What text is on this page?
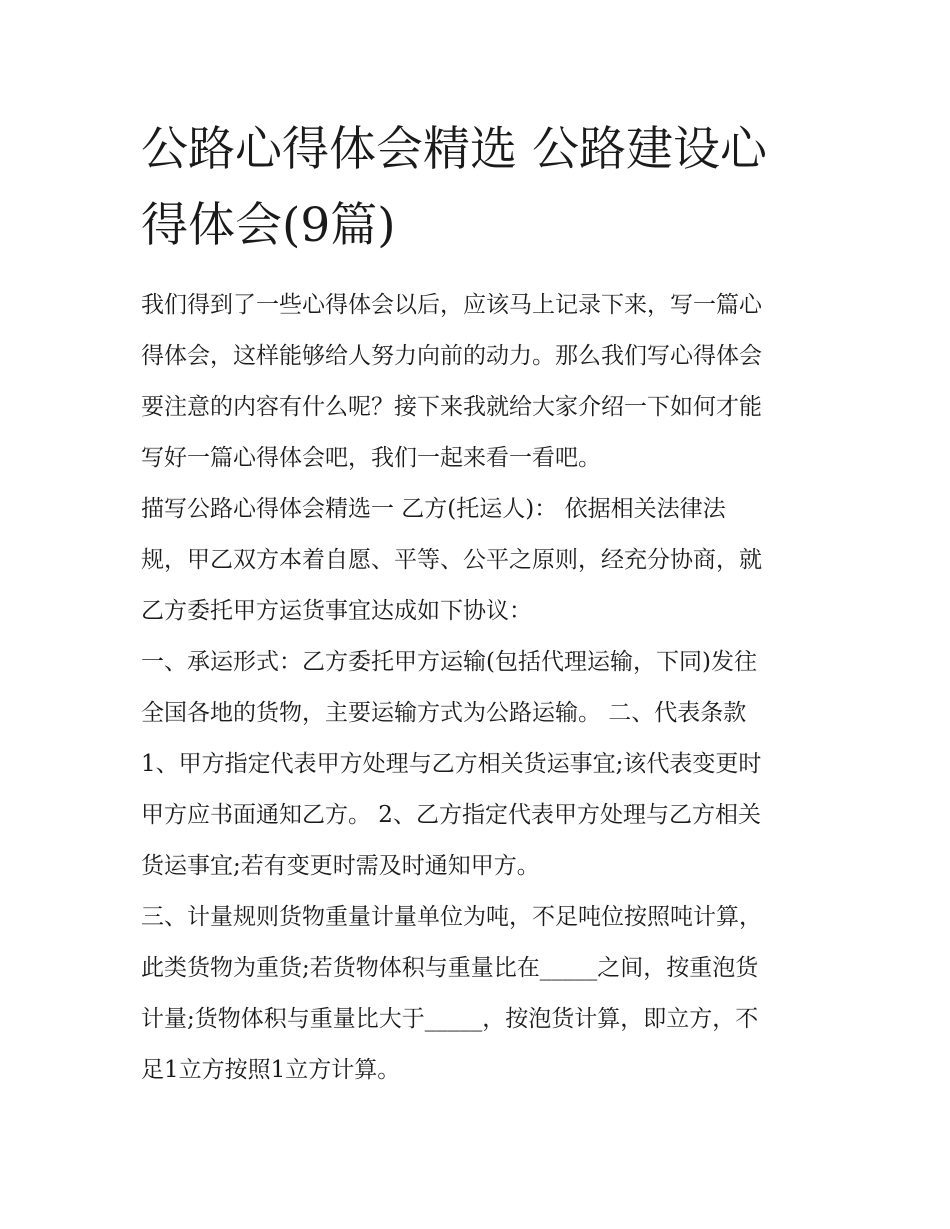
公路心得体会精选 公路建设心
得体会(9篇)

我们得到了一些心得体会以后，应该马上记录下来，写一篇心
得体会，这样能够给人努力向前的动力。那么我们写心得体会
要注意的内容有什么呢？接下来我就给大家介绍一下如何才能
写好一篇心得体会吧，我们一起来看一看吧。

描写公路心得体会精选一 乙方(托运人)： 依据相关法律法
规，甲乙双方本着自愿、平等、公平之原则，经充分协商，就
乙方委托甲方运货事宜达成如下协议：

一、承运形式：乙方委托甲方运输(包括代理运输，下同)发往
全国各地的货物，主要运输方式为公路运输。 二、代表条款
1、甲方指定代表甲方处理与乙方相关货运事宜;该代表变更时
甲方应书面通知乙方。 2、乙方指定代表甲方处理与乙方相关
货运事宜;若有变更时需及时通知甲方。

三、计量规则货物重量计量单位为吨，不足吨位按照吨计算，
此类货物为重货;若货物体积与重量比在_____之间，按重泡货
计量;货物体积与重量比大于_____，按泡货计算，即立方，不
足1立方按照1立方计算。
